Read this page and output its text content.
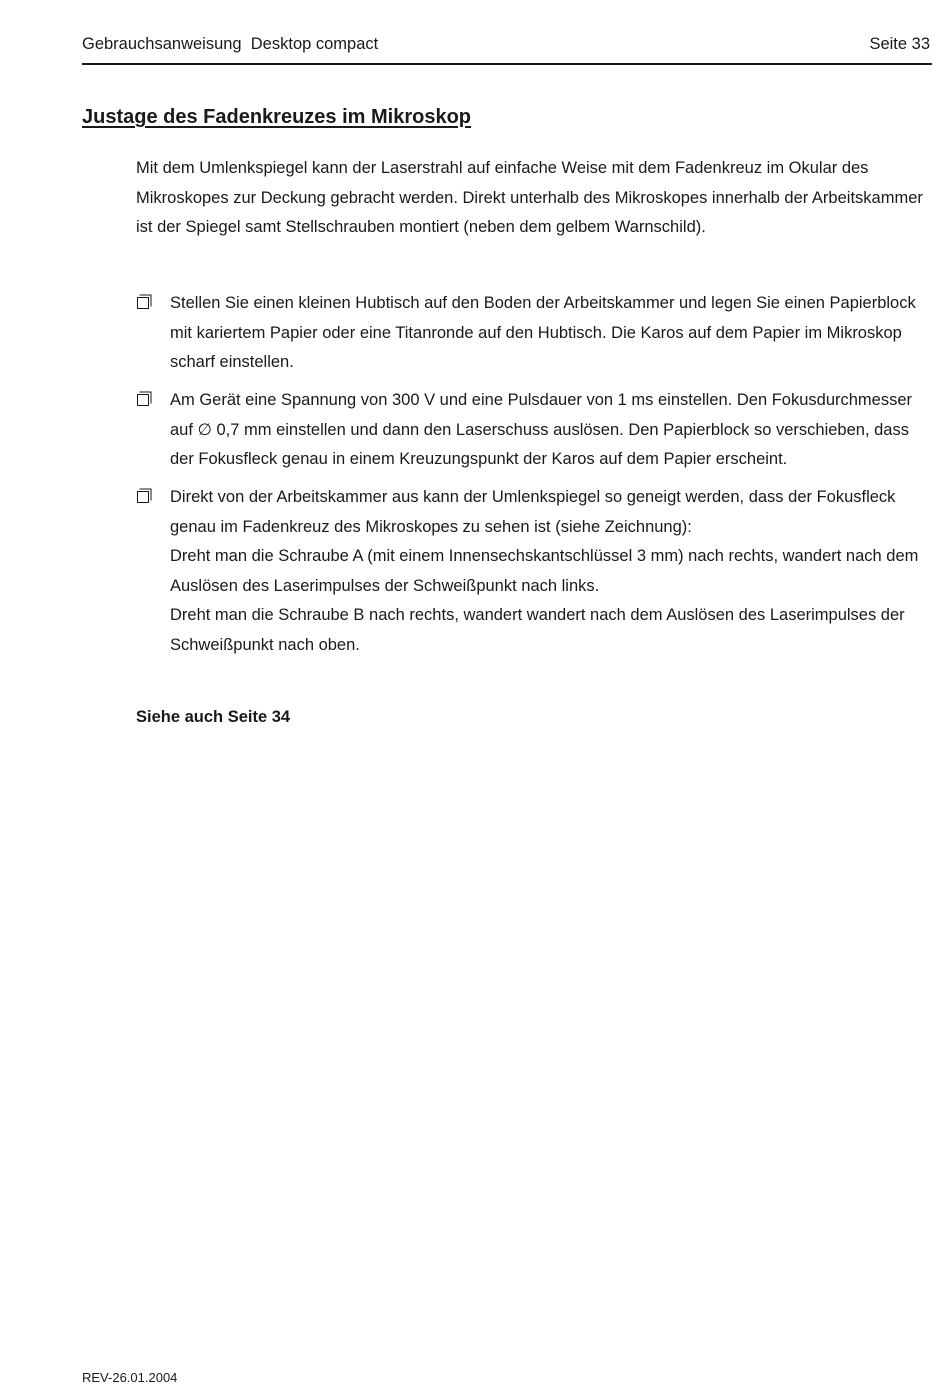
Gebrauchsanweisung  Desktop compact	Seite 33
Justage des Fadenkreuzes im Mikroskop

Mit dem Umlenkspiegel kann der Laserstrahl auf einfache Weise mit dem Fadenkreuz im Okular des Mikroskopes zur Deckung gebracht werden. Direkt unterhalb des Mikroskopes innerhalb der Arbeitskammer ist der Spiegel samt Stellschrauben montiert (neben dem gelbem Warnschild).

Stellen Sie einen kleinen Hubtisch auf den Boden der Arbeitskammer und legen Sie einen Papierblock mit kariertem Papier oder eine Titanronde auf den Hubtisch. Die Karos auf dem Papier im Mikroskop scharf einstellen.

Am Gerät eine Spannung von 300 V und eine Pulsdauer von 1 ms einstellen. Den Fokusdurchmesser auf ∅ 0,7 mm einstellen und dann den Laserschuss auslösen. Den Papierblock so verschieben, dass der Fokusfleck genau in einem Kreuzungspunkt der Karos auf dem Papier erscheint.

Direkt von der Arbeitskammer aus kann der Umlenkspiegel so geneigt werden, dass der Fokusfleck genau im Fadenkreuz des Mikroskopes zu sehen ist (siehe Zeichnung):

Dreht man die Schraube A (mit einem Innensechskantschlüssel 3 mm) nach rechts, wandert nach dem Auslösen des Laserimpulses der Schweißpunkt nach links.

Dreht man die Schraube B nach rechts, wandert wandert nach dem Auslösen des Laserimpulses der Schweißpunkt nach oben.

Siehe auch Seite 34

REV-26.01.2004
